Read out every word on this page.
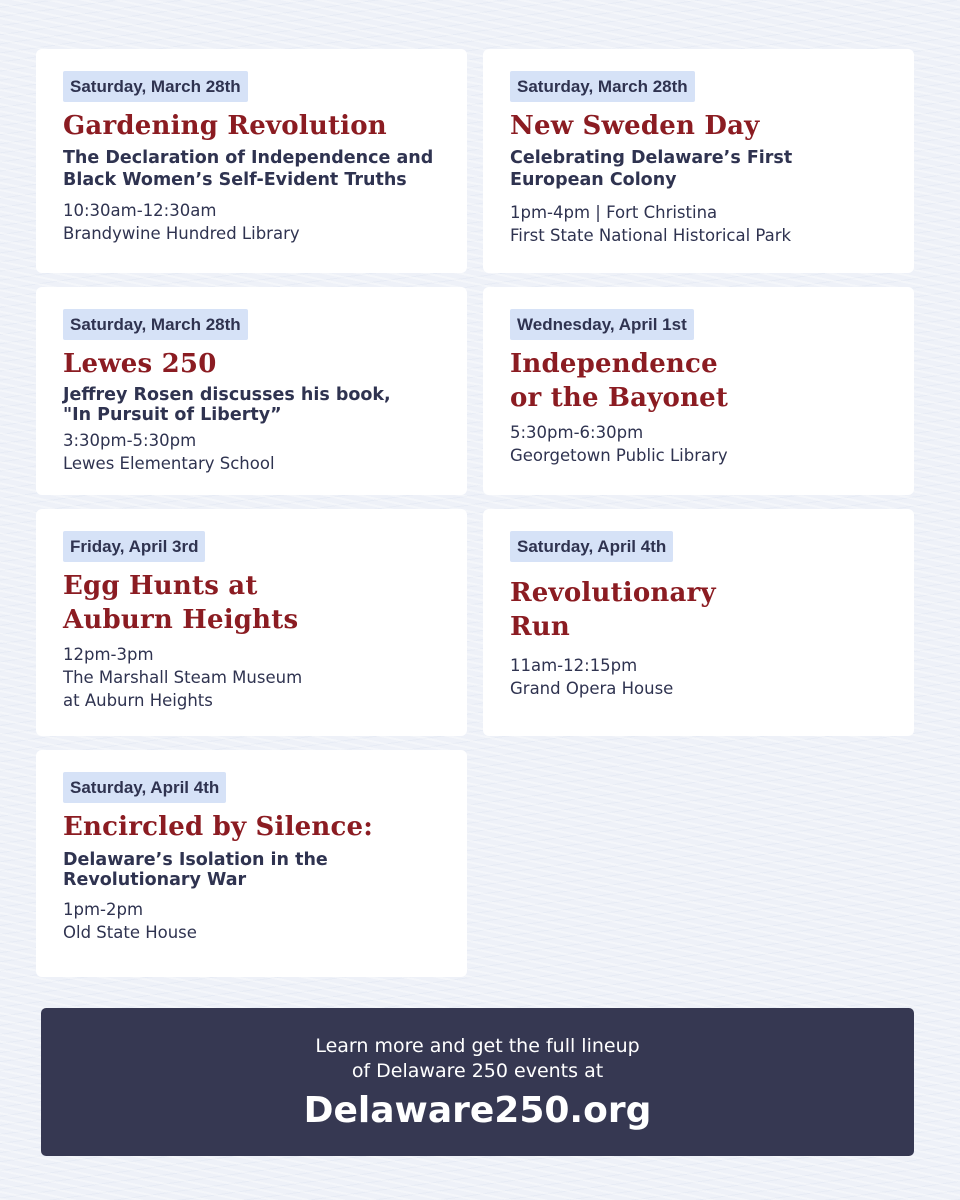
Saturday, March 28th
Gardening Revolution
The Declaration of Independence and
Black Women’s Self-Evident Truths
10:30am-12:30am
Brandywine Hundred Library
Saturday, March 28th
New Sweden Day
Celebrating Delaware’s First
European Colony
1pm-4pm | Fort Christina
First State National Historical Park
Saturday, March 28th
Lewes 250
Jeffrey Rosen discusses his book,
"In Pursuit of Liberty”
3:30pm-5:30pm
Lewes Elementary School
Wednesday, April 1st
Independence
or the Bayonet
5:30pm-6:30pm
Georgetown Public Library
Friday, April 3rd
Egg Hunts at
Auburn Heights
12pm-3pm
The Marshall Steam Museum
at Auburn Heights
Saturday, April 4th
Revolutionary
Run
11am-12:15pm
Grand Opera House
Saturday, April 4th
Encircled by Silence:
Delaware’s Isolation in the
Revolutionary War
1pm-2pm
Old State House
Learn more and get the full lineup
of Delaware 250 events at
Delaware250.org
